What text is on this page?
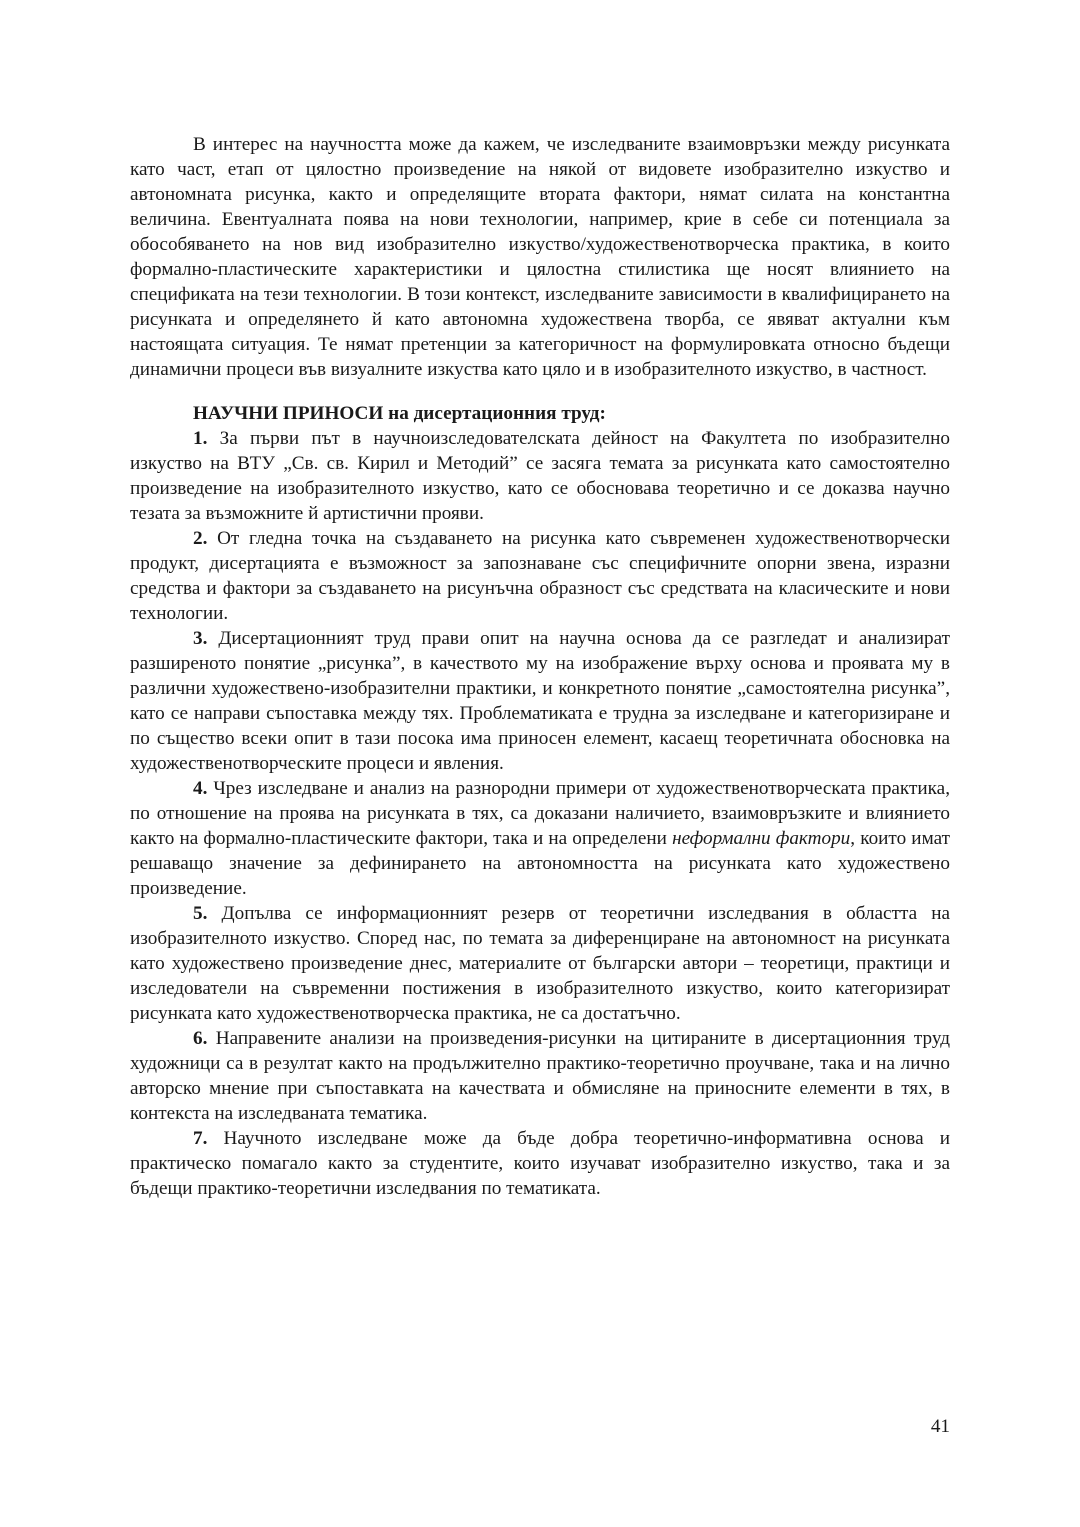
В интерес на научността може да кажем, че изследваните взаимовръзки между рисунката като част, етап от цялостно произведение на някой от видовете изобразително изкуство и автономната рисунка, както и определящите втората фактори, нямат силата на константна величина. Евентуалната поява на нови технологии, например, крие в себе си потенциала за обособяването на нов вид изобразително изкуство/художественотворческа практика, в които формално-пластическите характеристики и цялостна стилистика ще носят влиянието на спецификата на тези технологии. В този контекст, изследваните зависимости в квалифицирането на рисунката и определянето й като автономна художествена творба, се явяват актуални към настоящата ситуация. Те нямат претенции за категоричност на формулировката относно бъдещи динамични процеси във визуалните изкуства като цяло и в изобразителното изкуство, в частност.

НАУЧНИ ПРИНОСИ на дисертационния труд:

1. За първи път в научноизследователската дейност на Факултета по изобразително изкуство на ВТУ „Св. св. Кирил и Методий” се засяга темата за рисунката като самостоятелно произведение на изобразителното изкуство, като се обосновава теоретично и се доказва научно тезата за възможните й артистични прояви.

2. От гледна точка на създаването на рисунка като съвременен художественотворчески продукт, дисертацията е възможност за запознаване със специфичните опорни звена, изразни средства и фактори за създаването на рисунъчна образност със средствата на класическите и нови технологии.

3. Дисертационният труд прави опит на научна основа да се разгледат и анализират разширеното понятие „рисунка”, в качеството му на изображение върху основа и проявата му в различни художествено-изобразителни практики, и конкретното понятие „самостоятелна рисунка”, като се направи съпоставка между тях. Проблематиката е трудна за изследване и категоризиране и по същество всеки опит в тази посока има приносен елемент, касаещ теоретичната обосновка на художественотворческите процеси и явления.

4. Чрез изследване и анализ на разнородни примери от художественотворческата практика, по отношение на проява на рисунката в тях, са доказани наличието, взаимовръзките и влиянието както на формално-пластическите фактори, така и на определени неформални фактори, които имат решаващо значение за дефинирането на автономността на рисунката като художествено произведение.

5. Допълва се информационният резерв от теоретични изследвания в областта на изобразителното изкуство. Според нас, по темата за диференциране на автономност на рисунката като художествено произведение днес, материалите от български автори – теоретици, практици и изследователи на съвременни постижения в изобразителното изкуство, които категоризират рисунката като художественотворческа практика, не са достатъчно.

6. Направените анализи на произведения-рисунки на цитираните в дисертационния труд художници са в резултат както на продължително практико-теоретично проучване, така и на лично авторско мнение при съпоставката на качествата и обмисляне на приносните елементи в тях, в контекста на изследваната тематика.

7. Научното изследване може да бъде добра теоретично-информативна основа и практическо помагало както за студентите, които изучават изобразително изкуство, така и за бъдещи практико-теоретични изследвания по тематиката.

41
